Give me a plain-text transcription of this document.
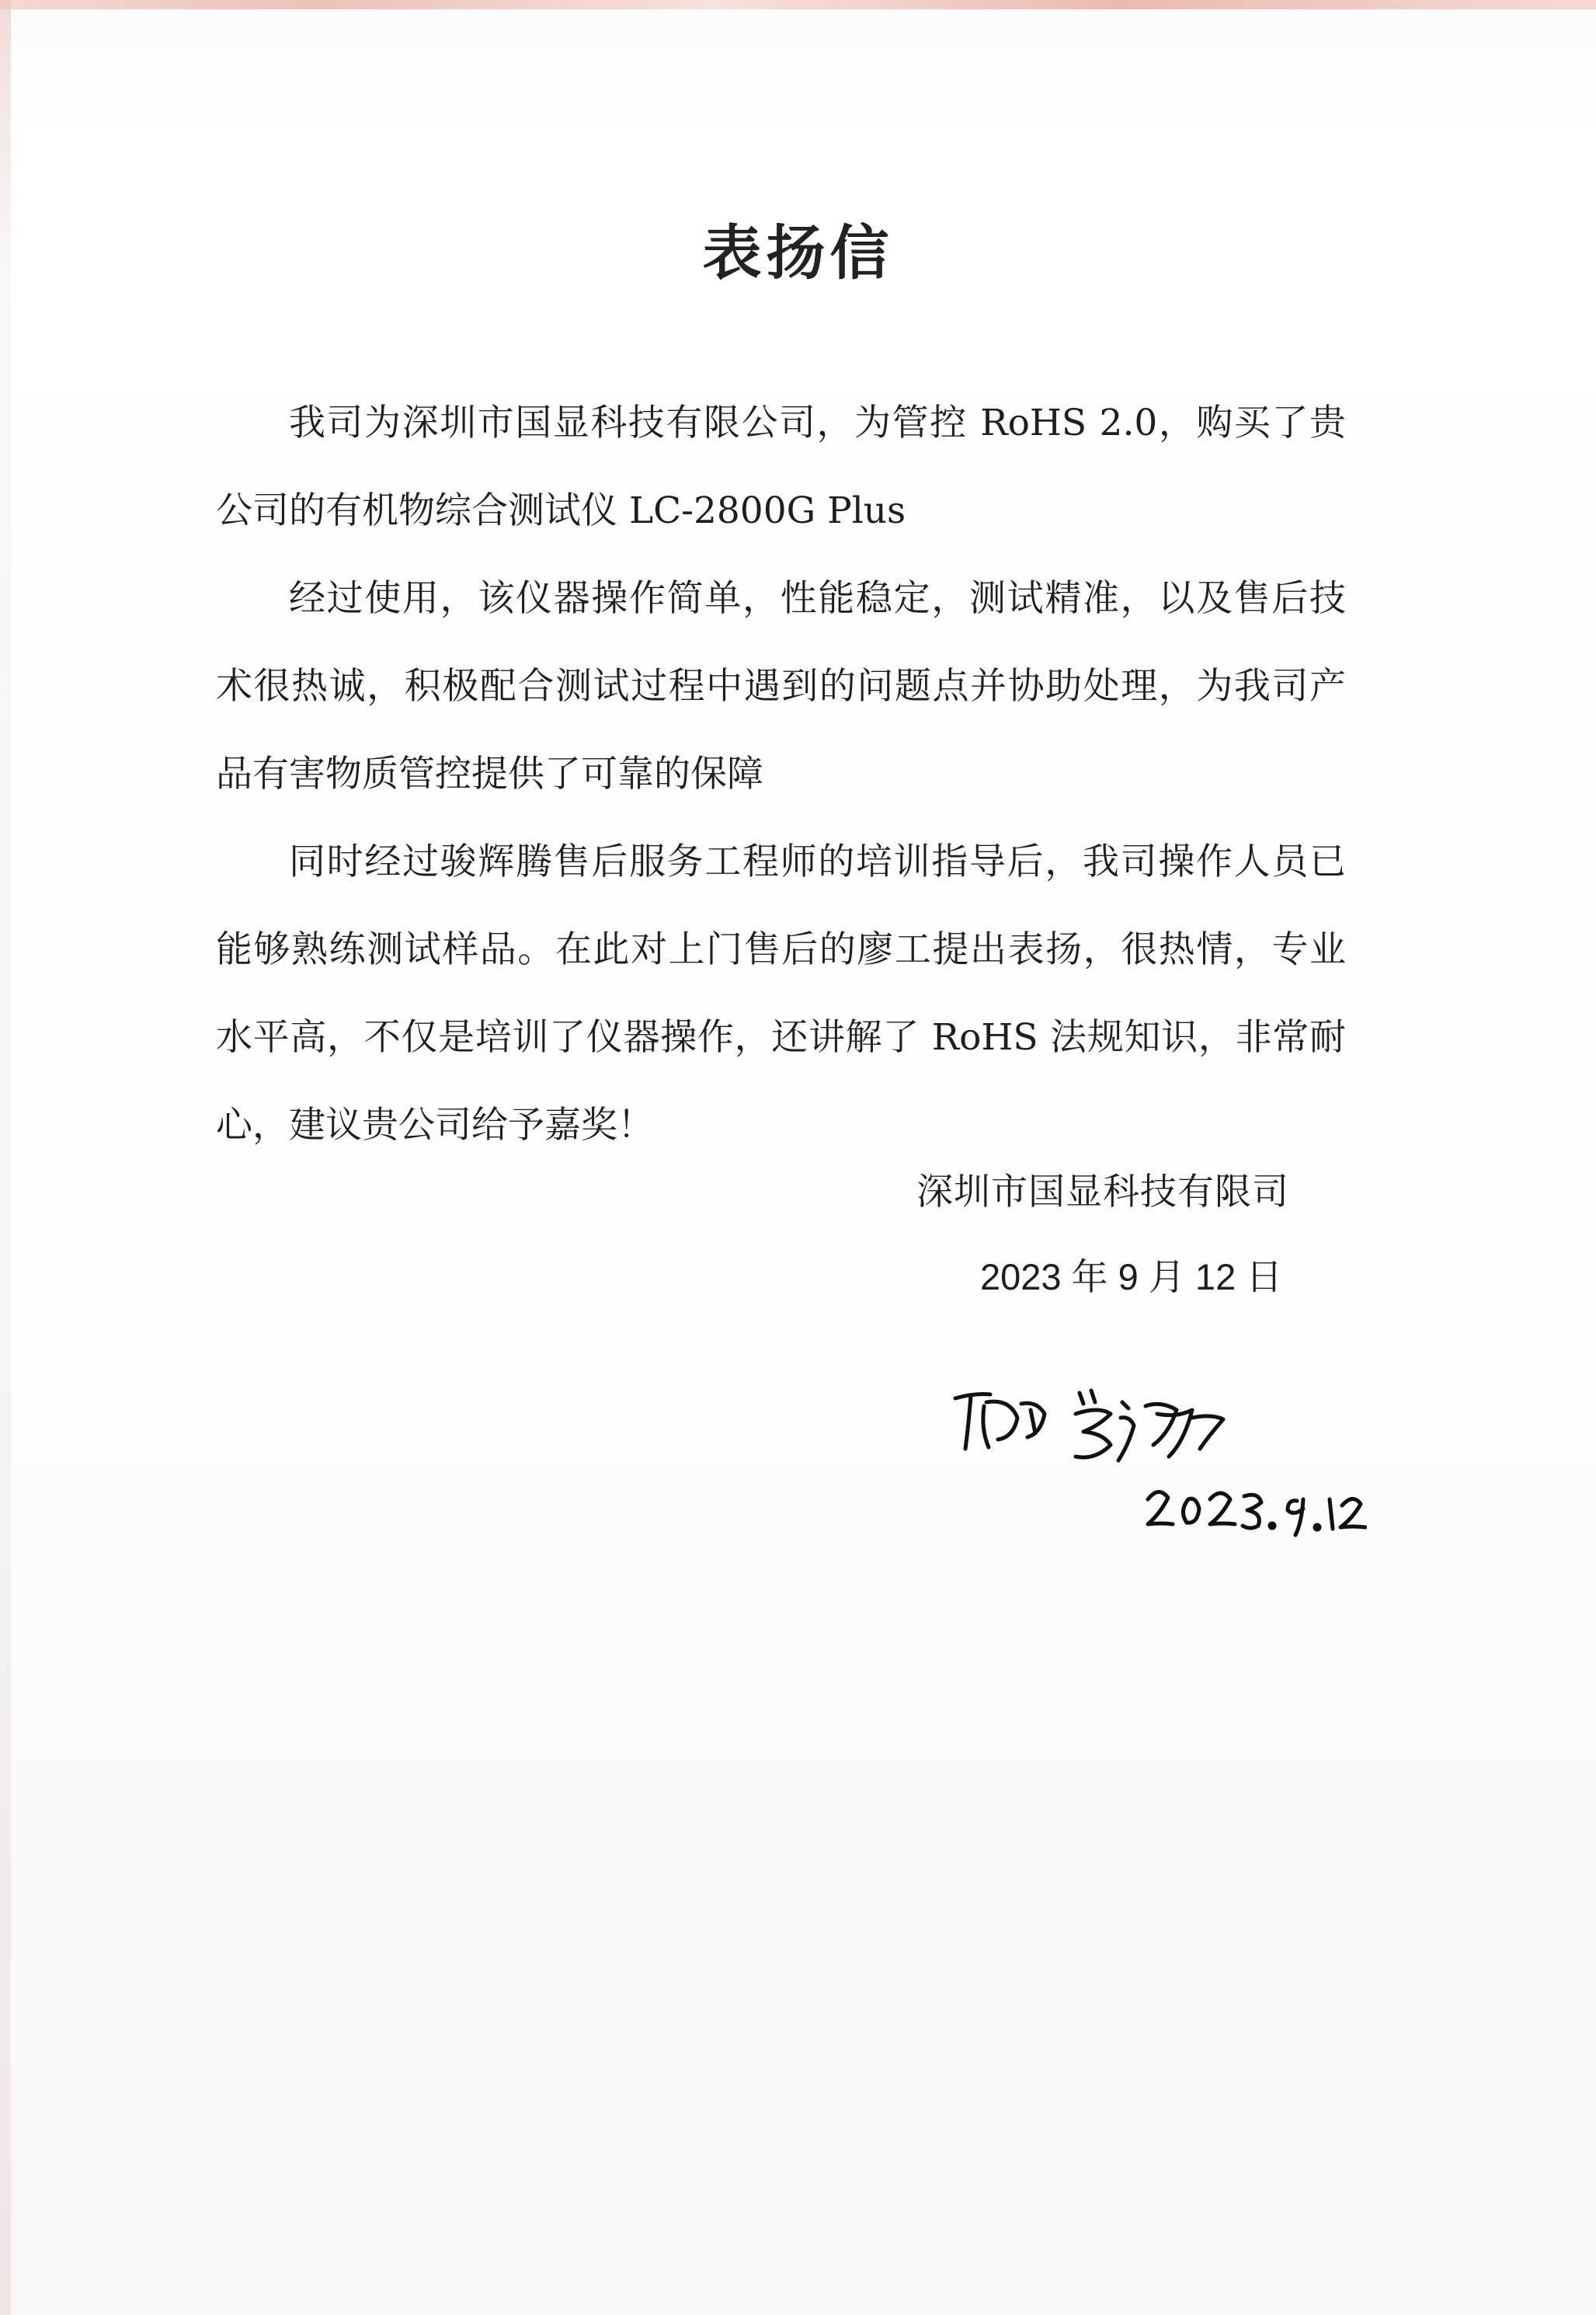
表扬信

我司为深圳市国显科技有限公司，为管控 RoHS 2.0，购买了贵公司的有机物综合测试仪 LC-2800G Plus

经过使用，该仪器操作简单，性能稳定，测试精准，以及售后技术很热诚，积极配合测试过程中遇到的问题点并协助处理，为我司产品有害物质管控提供了可靠的保障

同时经过骏辉腾售后服务工程师的培训指导后，我司操作人员已能够熟练测试样品。在此对上门售后的廖工提出表扬，很热情，专业水平高，不仅是培训了仪器操作，还讲解了 RoHS 法规知识，非常耐心，建议贵公司给予嘉奖！

深圳市国显科技有限司
2023 年 9 月 12 日
